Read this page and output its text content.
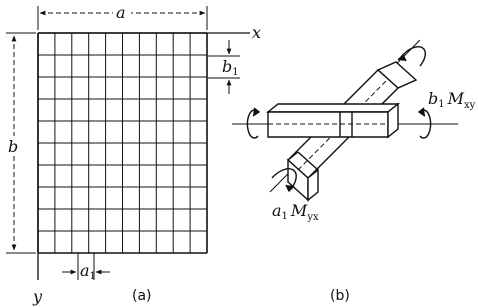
x
y
a
b
b1
a1
(a)
b1 $M_{xy}$
a1 $M_{yx}$
(b)
